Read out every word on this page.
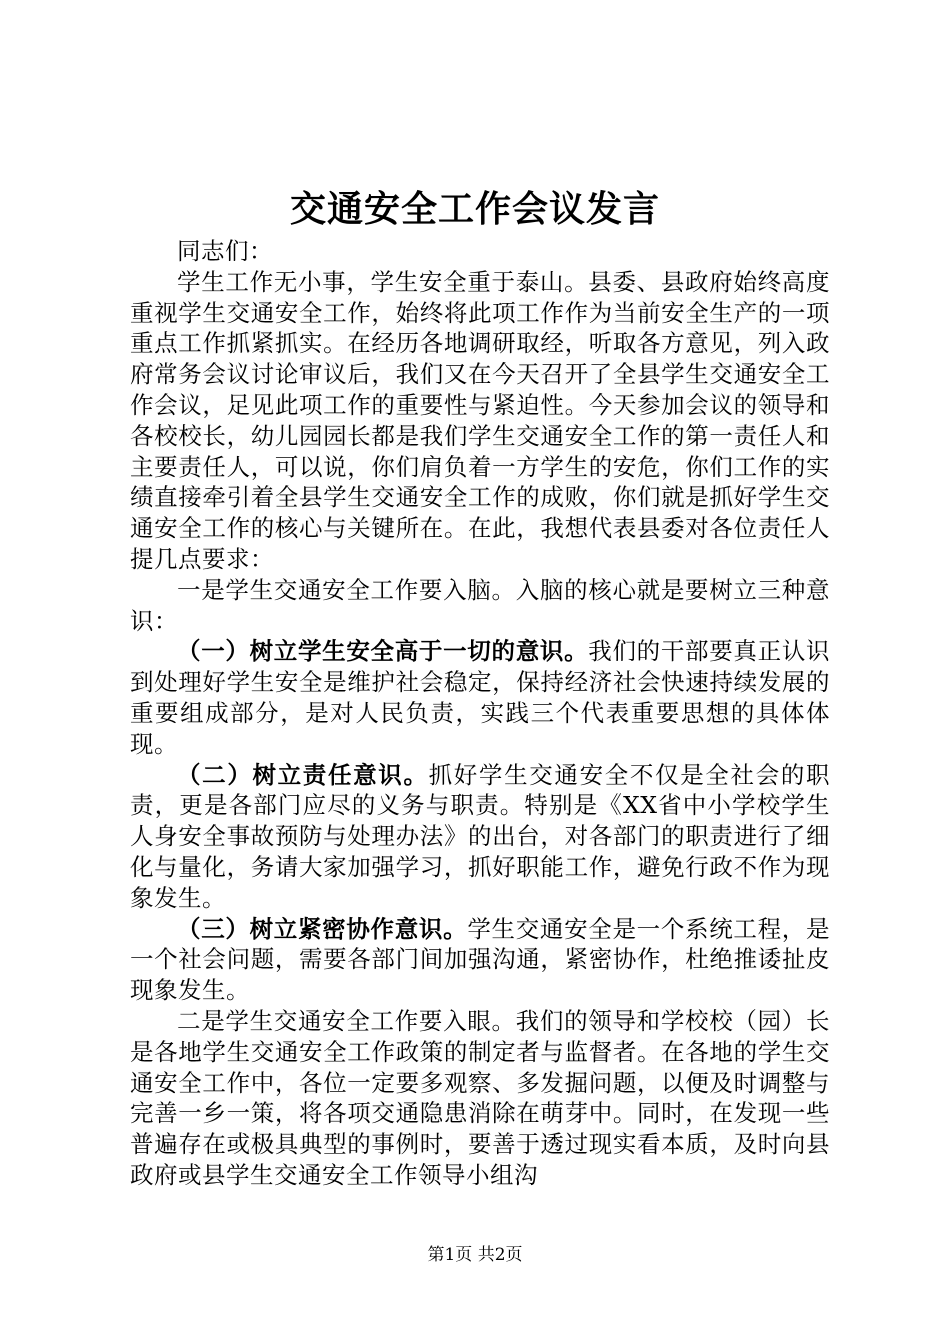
交通安全工作会议发言

同志们：

学生工作无小事，学生安全重于泰山。县委、县政府始终高度重视学生交通安全工作，始终将此项工作作为当前安全生产的一项重点工作抓紧抓实。在经历各地调研取经，听取各方意见，列入政府常务会议讨论审议后，我们又在今天召开了全县学生交通安全工作会议，足见此项工作的重要性与紧迫性。今天参加会议的领导和各校校长，幼儿园园长都是我们学生交通安全工作的第一责任人和主要责任人，可以说，你们肩负着一方学生的安危，你们工作的实绩直接牵引着全县学生交通安全工作的成败，你们就是抓好学生交通安全工作的核心与关键所在。在此，我想代表县委对各位责任人提几点要求：

一是学生交通安全工作要入脑。入脑的核心就是要树立三种意识：

（一）树立学生安全高于一切的意识。我们的干部要真正认识到处理好学生安全是维护社会稳定，保持经济社会快速持续发展的重要组成部分，是对人民负责，实践三个代表重要思想的具体体现。

（二）树立责任意识。抓好学生交通安全不仅是全社会的职责，更是各部门应尽的义务与职责。特别是《XX省中小学校学生人身安全事故预防与处理办法》的出台，对各部门的职责进行了细化与量化，务请大家加强学习，抓好职能工作，避免行政不作为现象发生。

（三）树立紧密协作意识。学生交通安全是一个系统工程，是一个社会问题，需要各部门间加强沟通，紧密协作，杜绝推诿扯皮现象发生。

二是学生交通安全工作要入眼。我们的领导和学校校（园）长是各地学生交通安全工作政策的制定者与监督者。在各地的学生交通安全工作中，各位一定要多观察、多发掘问题，以便及时调整与完善一乡一策，将各项交通隐患消除在萌芽中。同时，在发现一些普遍存在或极具典型的事例时，要善于透过现实看本质，及时向县政府或县学生交通安全工作领导小组沟

第1页 共2页
